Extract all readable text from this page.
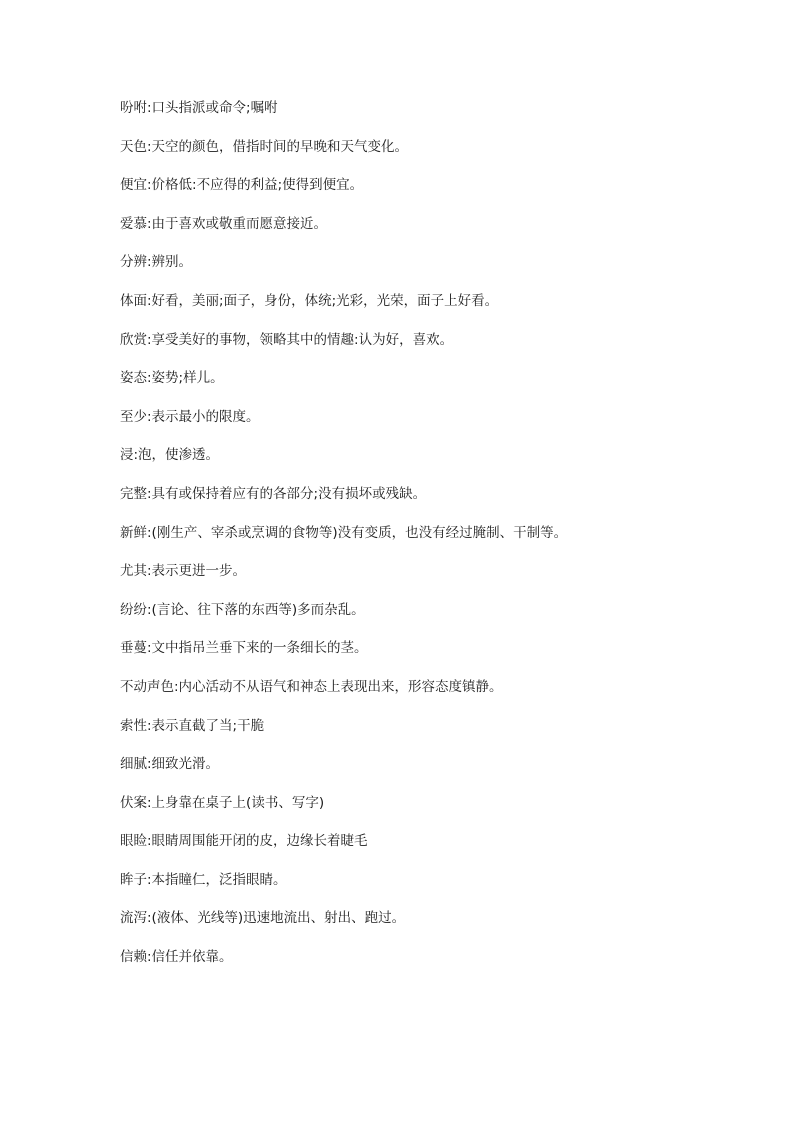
吩咐:口头指派或命令;嘱咐
天色:天空的颜色，借指时间的早晚和天气变化。
便宜:价格低:不应得的利益;使得到便宜。
爱慕:由于喜欢或敬重而愿意接近。
分辨:辨别。
体面:好看，美丽;面子，身份，体统;光彩，光荣，面子上好看。
欣赏:享受美好的事物，领略其中的情趣:认为好，喜欢。
姿态:姿势;样儿。
至少:表示最小的限度。
浸:泡，使渗透。
完整:具有或保持着应有的各部分;没有损坏或残缺。
新鲜:(刚生产、宰杀或烹调的食物等)没有变质，也没有经过腌制、干制等。
尤其:表示更进一步。
纷纷:(言论、往下落的东西等)多而杂乱。
垂蔓:文中指吊兰垂下来的一条细长的茎。
不动声色:内心活动不从语气和神态上表现出来，形容态度镇静。
索性:表示直截了当;干脆
细腻:细致光滑。
伏案:上身靠在桌子上(读书、写字)
眼睑:眼睛周围能开闭的皮，边缘长着睫毛
眸子:本指瞳仁，泛指眼睛。
流泻:(液体、光线等)迅速地流出、射出、跑过。
信赖:信任并依靠。
